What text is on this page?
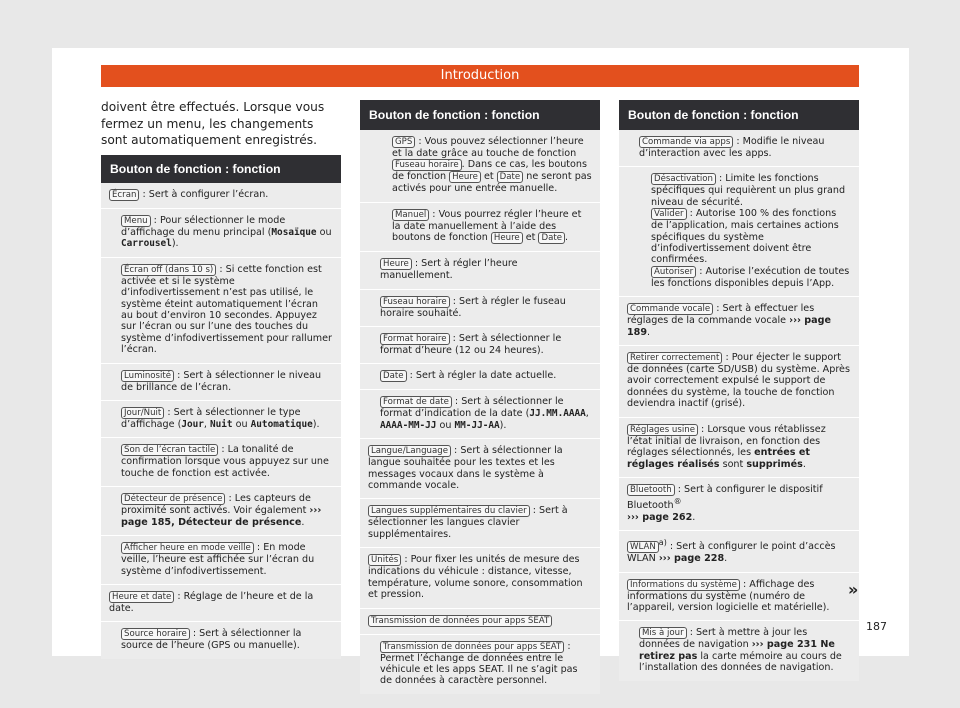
Introduction
doivent être effectués. Lorsque vous fermez un menu, les changements sont automatiquement enregistrés.
Bouton de fonction : fonction

Écran : Sert à configurer l’écran.

Menu : Pour sélectionner le mode d’affichage du menu principal (Mosaïque ou Carrousel).

Écran off (dans 10 s) : Si cette fonction est activée et si le système d’infodivertissement n’est pas utilisé, le système éteint automatiquement l’écran au bout d’environ 10 secondes. Appuyez sur l’écran ou sur l’une des touches du système d’infodivertissement pour rallumer l’écran.

Luminosité : Sert à sélectionner le niveau de brillance de l’écran.

Jour/Nuit : Sert à sélectionner le type d’affichage (Jour, Nuit ou Automatique).

Son de l’écran tactile : La tonalité de confirmation lorsque vous appuyez sur une touche de fonction est activée.

Détecteur de présence : Les capteurs de proximité sont activés. Voir également ››› page 185, Détecteur de présence.

Afficher heure en mode veille : En mode veille, l’heure est affichée sur l’écran du système d’infodivertissement.

Heure et date : Réglage de l’heure et de la date.

Source horaire : Sert à sélectionner la source de l’heure (GPS ou manuelle).

Bouton de fonction : fonction

GPS : Vous pouvez sélectionner l’heure et la date grâce au touche de fonction Fuseau horaire . Dans ce cas, les boutons de fonction Heure et Date ne seront pas activés pour une entrée manuelle.

Manuel : Vous pourrez régler l’heure et la date manuellement à l’aide des boutons de fonction Heure et Date .

Heure : Sert à régler l’heure manuellement.

Fuseau horaire : Sert à régler le fuseau horaire souhaité.

Format horaire : Sert à sélectionner le format d’heure (12 ou 24 heures).

Date : Sert à régler la date actuelle.

Format de date : Sert à sélectionner le format d’indication de la date (JJ.MM.AAAA, AAAA-MM-JJ ou MM-JJ-AA).

Langue/Language : Sert à sélectionner la langue souhaitée pour les textes et les messages vocaux dans le système à commande vocale.

Langues supplémentaires du clavier : Sert à sélectionner les langues clavier supplémentaires.

Unités : Pour fixer les unités de mesure des indications du véhicule : distance, vitesse, température, volume sonore, consommation et pression.

Transmission de données pour apps SEAT

Transmission de données pour apps SEAT : Permet l’échange de données entre le véhicule et les apps SEAT. Il ne s’agit pas de données à caractère personnel.

Bouton de fonction : fonction

Commande via apps : Modifie le niveau d’interaction avec les apps.

Désactivation : Limite les fonctions spécifiques qui requièrent un plus grand niveau de sécurité.
Valider : Autorise 100 % des fonctions de l’application, mais certaines actions spécifiques du système d’infodivertissement doivent être confirmées.
Autoriser : Autorise l’exécution de toutes les fonctions disponibles depuis l’App.

Commande vocale : Sert à effectuer les réglages de la commande vocale ››› page 189.

Retirer correctement : Pour éjecter le support de données (carte SD/USB) du système. Après avoir correctement expulsé le support de données du système, la touche de fonction deviendra inactif (grisé).

Réglages usine : Lorsque vous rétablissez l’état initial de livraison, en fonction des réglages sélectionnés, les entrées et réglages réalisés sont supprimés.

Bluetooth : Sert à configurer le dispositif Bluetooth®
››› page 262.

WLAN $^{a)}$ : Sert à configurer le point d’accès WLAN ››› page 228.

Informations du système : Affichage des informations du système (numéro de l’appareil, version logicielle et matérielle).

Mis à jour : Sert à mettre à jour les données de navigation ››› page 231 Ne retirez pas la carte mémoire au cours de l’installation des données de navigation.

»
187
